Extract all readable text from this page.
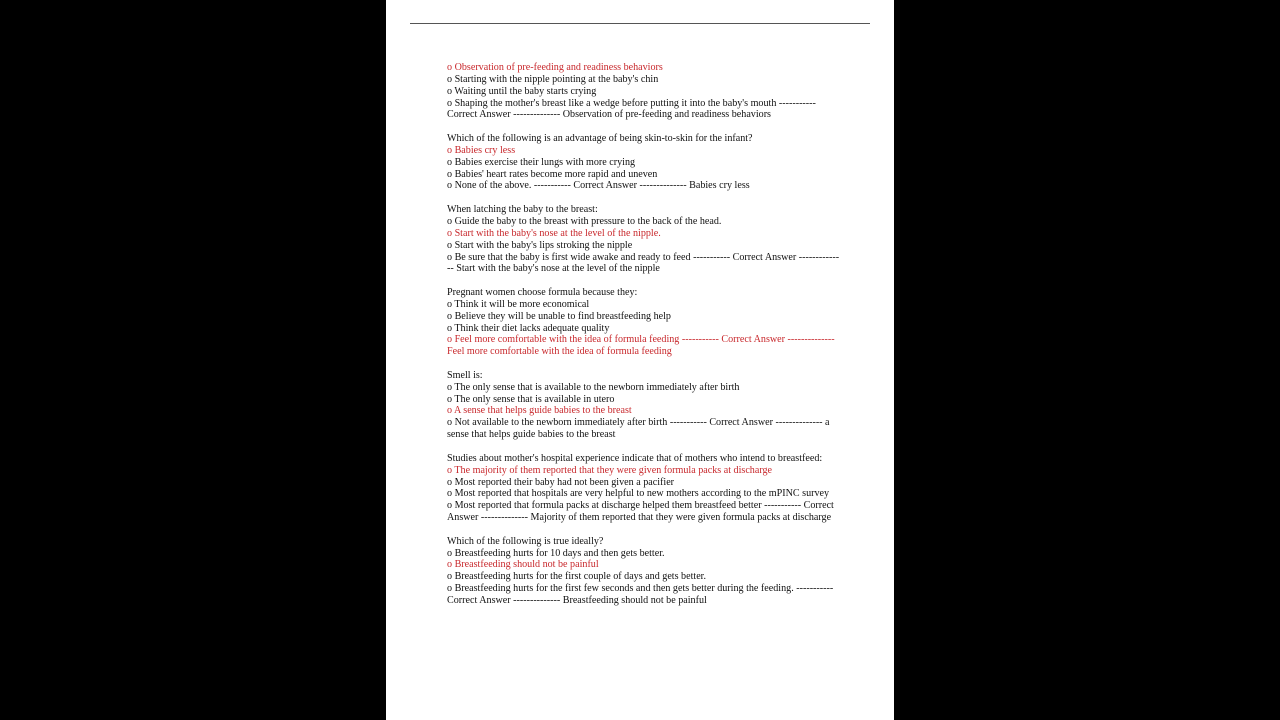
o Observation of pre-feeding and readiness behaviors
o Starting with the nipple pointing at the baby's chin
o Waiting until the baby starts crying
o Shaping the mother's breast like a wedge before putting it into the baby's mouth -----------
Correct Answer -------------- Observation of pre-feeding and readiness behaviors
Which of the following is an advantage of being skin-to-skin for the infant?
o Babies cry less
o Babies exercise their lungs with more crying
o Babies' heart rates become more rapid and uneven
o None of the above. ----------- Correct Answer -------------- Babies cry less
When latching the baby to the breast:
o Guide the baby to the breast with pressure to the back of the head.
o Start with the baby's nose at the level of the nipple.
o Start with the baby's lips stroking the nipple
o Be sure that the baby is first wide awake and ready to feed ----------- Correct Answer ------------
-- Start with the baby's nose at the level of the nipple
Pregnant women choose formula because they:
o Think it will be more economical
o Believe they will be unable to find breastfeeding help
o Think their diet lacks adequate quality
o Feel more comfortable with the idea of formula feeding ----------- Correct Answer --------------
Feel more comfortable with the idea of formula feeding
Smell is:
o The only sense that is available to the newborn immediately after birth
o The only sense that is available in utero
o A sense that helps guide babies to the breast
o Not available to the newborn immediately after birth ----------- Correct Answer -------------- a
sense that helps guide babies to the breast
Studies about mother's hospital experience indicate that of mothers who intend to breastfeed:
o The majority of them reported that they were given formula packs at discharge
o Most reported their baby had not been given a pacifier
o Most reported that hospitals are very helpful to new mothers according to the mPINC survey
o Most reported that formula packs at discharge helped them breastfeed better ----------- Correct
Answer -------------- Majority of them reported that they were given formula packs at discharge
Which of the following is true ideally?
o Breastfeeding hurts for 10 days and then gets better.
o Breastfeeding should not be painful
o Breastfeeding hurts for the first couple of days and gets better.
o Breastfeeding hurts for the first few seconds and then gets better during the feeding. -----------
Correct Answer -------------- Breastfeeding should not be painful
